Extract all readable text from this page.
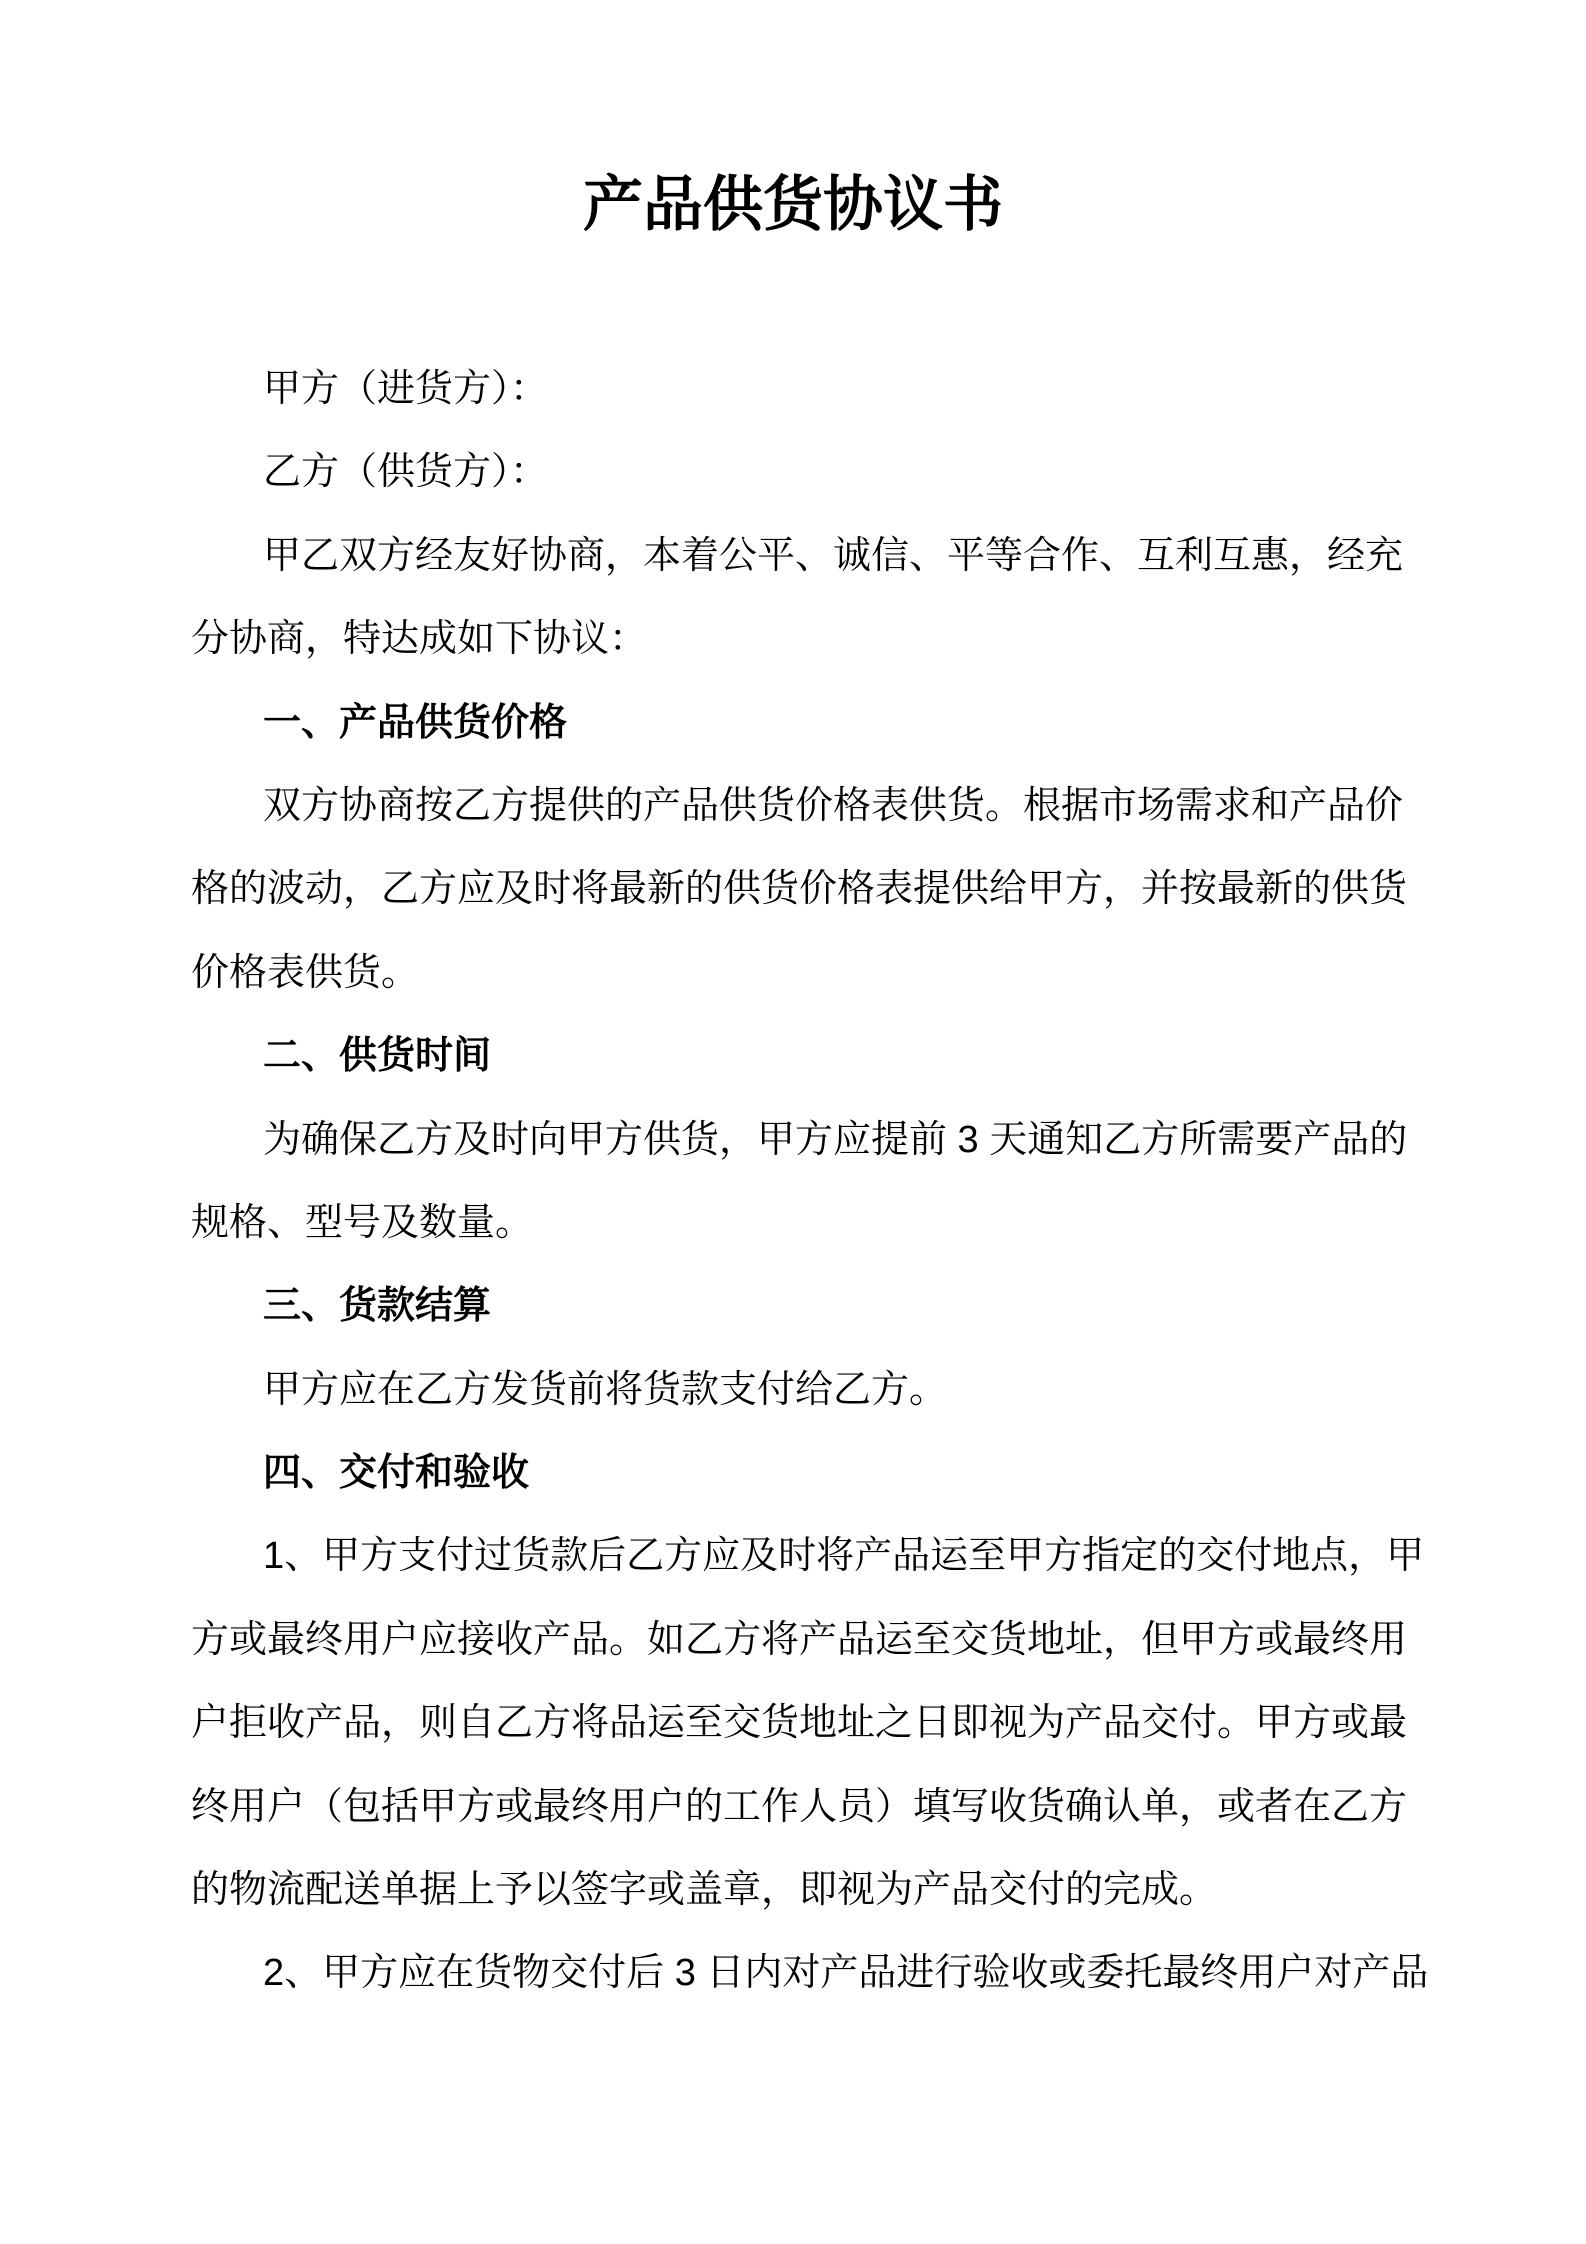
产品供货协议书
甲方（进货方）：
乙方（供货方）：
甲乙双方经友好协商，本着公平、诚信、平等合作、互利互惠，经充
分协商，特达成如下协议：
一、产品供货价格
双方协商按乙方提供的产品供货价格表供货。根据市场需求和产品价
格的波动，乙方应及时将最新的供货价格表提供给甲方，并按最新的供货
价格表供货。
二、供货时间
为确保乙方及时向甲方供货，甲方应提前 3 天通知乙方所需要产品的
规格、型号及数量。
三、货款结算
甲方应在乙方发货前将货款支付给乙方。
四、交付和验收
1、甲方支付过货款后乙方应及时将产品运至甲方指定的交付地点，甲
方或最终用户应接收产品。如乙方将产品运至交货地址，但甲方或最终用
户拒收产品，则自乙方将品运至交货地址之日即视为产品交付。甲方或最
终用户（包括甲方或最终用户的工作人员）填写收货确认单，或者在乙方
的物流配送单据上予以签字或盖章，即视为产品交付的完成。
2、甲方应在货物交付后 3 日内对产品进行验收或委托最终用户对产品
